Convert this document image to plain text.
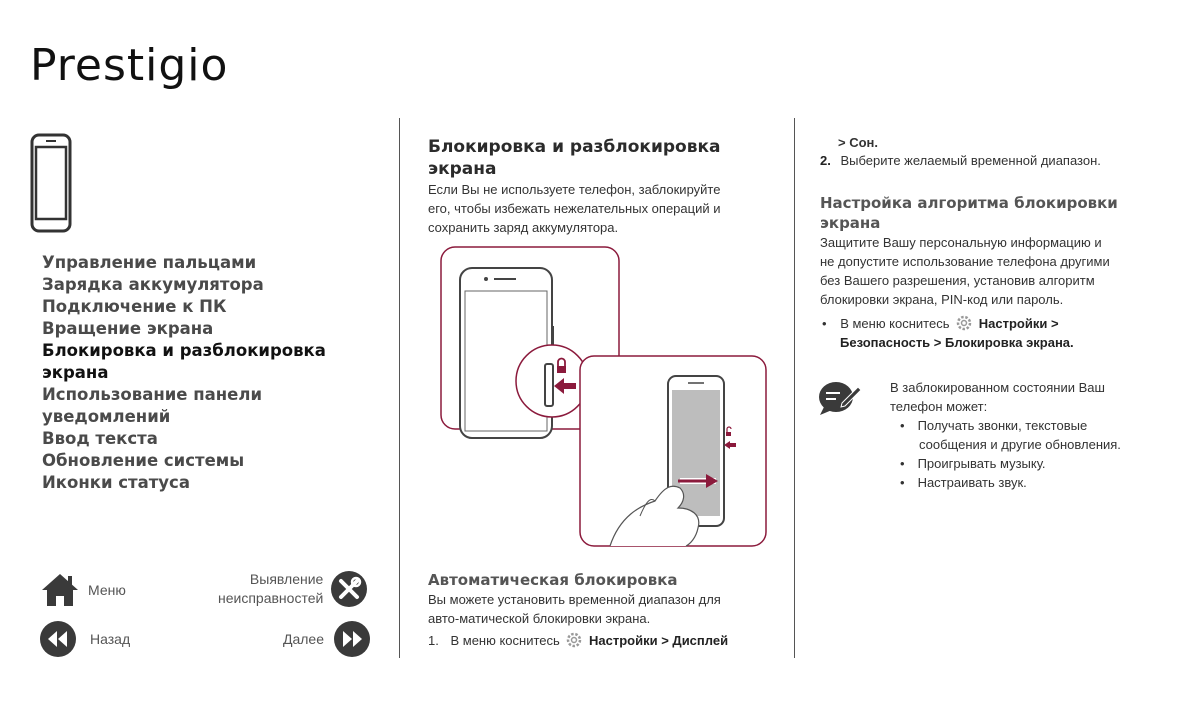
Prestigio
Управление пальцами
Зарядка аккумулятора
Подключение к ПК
Вращение экрана
Блокировка и разблокировка экрана
Использование панели
уведомлений
Ввод текста
Обновление системы
Иконки статуса
Меню
Выявление
неисправностей
Назад	Далее
Блокировка и разблокировка
экрана
Если Вы не используете телефон, заблокируйте
его, чтобы избежать нежелательных операций и
сохранить заряд аккумулятора.
Автоматическая блокировка
Вы можете установить временной диапазон для
авто-матической блокировки экрана.
1. В меню коснитесь Настройки > Дисплей
> Сон.
2. Выберите желаемый временной диапазон.
Настройка алгоритма блокировки
экрана
Защитите Вашу персональную информацию и
не допустите использование телефона другими
без Вашего разрешения, установив алгоритм
блокировки экрана, PIN-код или пароль.
• В меню коснитесь Настройки >
Безопасность > Блокировка экрана.
В заблокированном состоянии Ваш
телефон может:
• Получать звонки, текстовые
сообщения и другие обновления.
• Проигрывать музыку.
• Настраивать звук.
